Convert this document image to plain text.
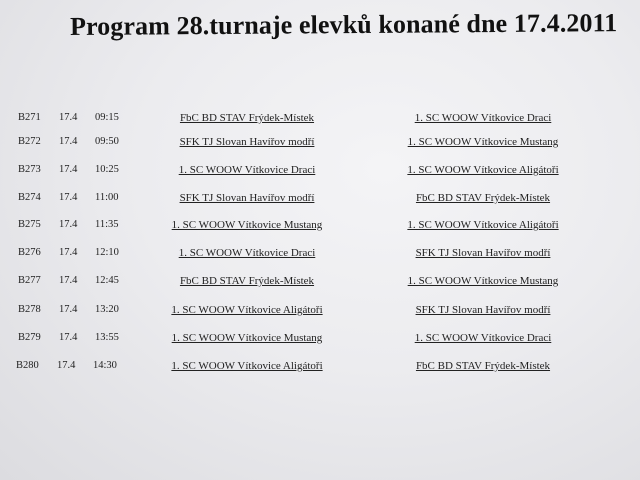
Program 28.turnaje elevků konané dne 17.4.2011
B271 17.4 09:15	FbC BD STAV Frýdek-Místek	1. SC WOOW Vítkovice Draci
B272 17.4 09:50	SFK TJ Slovan Havířov modří	1. SC WOOW Vítkovice Mustang
B273 17.4 10:25	1. SC WOOW Vítkovice Draci	1. SC WOOW Vítkovice Aligátoři
B274 17.4 11:00	SFK TJ Slovan Havířov modří	FbC BD STAV Frýdek-Místek
B275 17.4 11:35	1. SC WOOW Vítkovice Mustang	1. SC WOOW Vítkovice Aligátoři
B276 17.4 12:10	1. SC WOOW Vítkovice Draci	SFK TJ Slovan Havířov modří
B277 17.4 12:45	FbC BD STAV Frýdek-Místek	1. SC WOOW Vítkovice Mustang
B278 17.4 13:20	1. SC WOOW Vítkovice Aligátoři	SFK TJ Slovan Havířov modří
B279 17.4 13:55	1. SC WOOW Vítkovice Mustang	1. SC WOOW Vítkovice Draci
B280 17.4 14:30	1. SC WOOW Vítkovice Aligátoři	FbC BD STAV Frýdek-Místek
